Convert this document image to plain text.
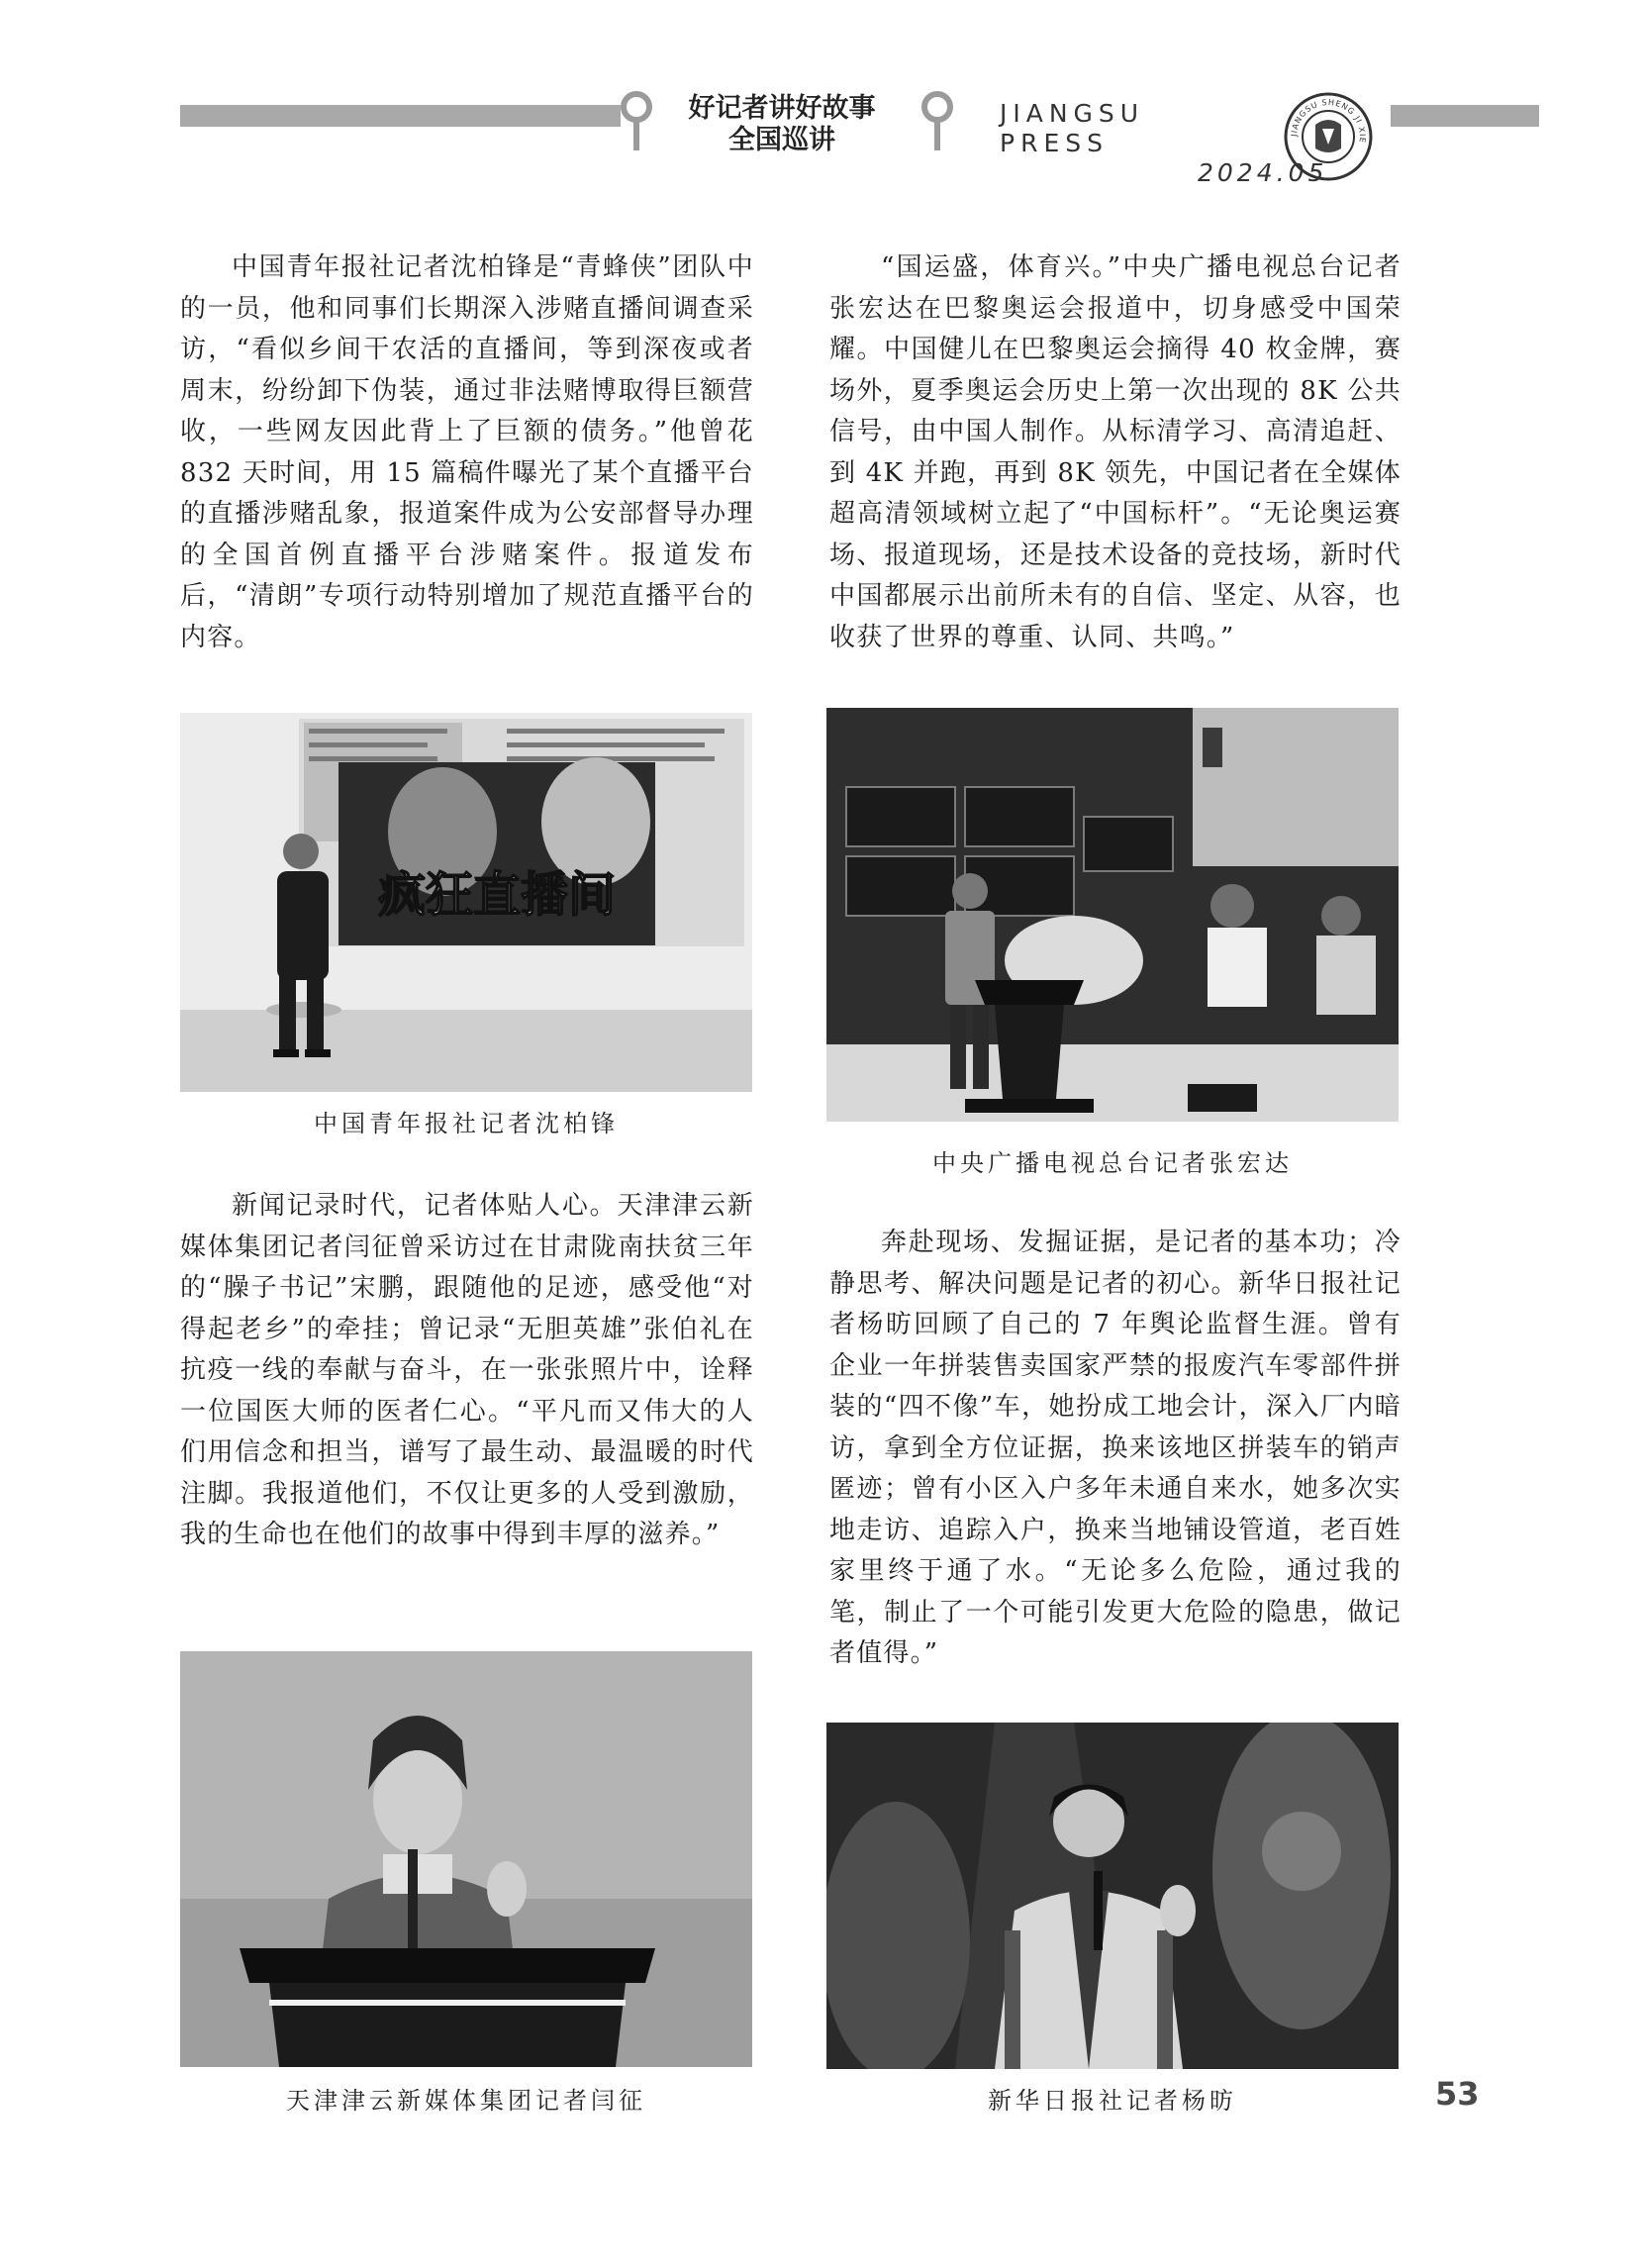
好记者讲好故事
全国巡讲
JIANGSU PRESS
2024.05
JIANGSU SHENG JI XIE

中国青年报社记者沈柏锋是“青蜂侠”团队中的一员，他和同事们长期深入涉赌直播间调查采访，“看似乡间干农活的直播间，等到深夜或者周末，纷纷卸下伪装，通过非法赌博取得巨额营收，一些网友因此背上了巨额的债务。”他曾花 832 天时间，用 15 篇稿件曝光了某个直播平台的直播涉赌乱象，报道案件成为公安部督导办理的全国首例直播平台涉赌案件。报道发布后，“清朗”专项行动特别增加了规范直播平台的内容。

“国运盛，体育兴。”中央广播电视总台记者张宏达在巴黎奥运会报道中，切身感受中国荣耀。中国健儿在巴黎奥运会摘得 40 枚金牌，赛场外，夏季奥运会历史上第一次出现的 8K 公共信号，由中国人制作。从标清学习、高清追赶、到 4K 并跑，再到 8K 领先，中国记者在全媒体超高清领域树立起了“中国标杆”。“无论奥运赛场、报道现场，还是技术设备的竞技场，新时代中国都展示出前所未有的自信、坚定、从容，也收获了世界的尊重、认同、共鸣。”

新闻记录时代，记者体贴人心。天津津云新媒体集团记者闫征曾采访过在甘肃陇南扶贫三年的“臊子书记”宋鹏，跟随他的足迹，感受他“对得起老乡”的牵挂；曾记录“无胆英雄”张伯礼在抗疫一线的奉献与奋斗，在一张张照片中，诠释一位国医大师的医者仁心。“平凡而又伟大的人们用信念和担当，谱写了最生动、最温暖的时代注脚。我报道他们，不仅让更多的人受到激励，我的生命也在他们的故事中得到丰厚的滋养。”

奔赴现场、发掘证据，是记者的基本功；冷静思考、解决问题是记者的初心。新华日报社记者杨昉回顾了自己的 7 年舆论监督生涯。曾有企业一年拼装售卖国家严禁的报废汽车零部件拼装的“四不像”车，她扮成工地会计，深入厂内暗访，拿到全方位证据，换来该地区拼装车的销声匿迹；曾有小区入户多年未通自来水，她多次实地走访、追踪入户，换来当地铺设管道，老百姓家里终于通了水。“无论多么危险，通过我的笔，制止了一个可能引发更大危险的隐患，做记者值得。”

疯狂直播间

中国青年报社记者沈柏锋

中央广播电视总台记者张宏达

天津津云新媒体集团记者闫征	新华日报社记者杨昉	53
